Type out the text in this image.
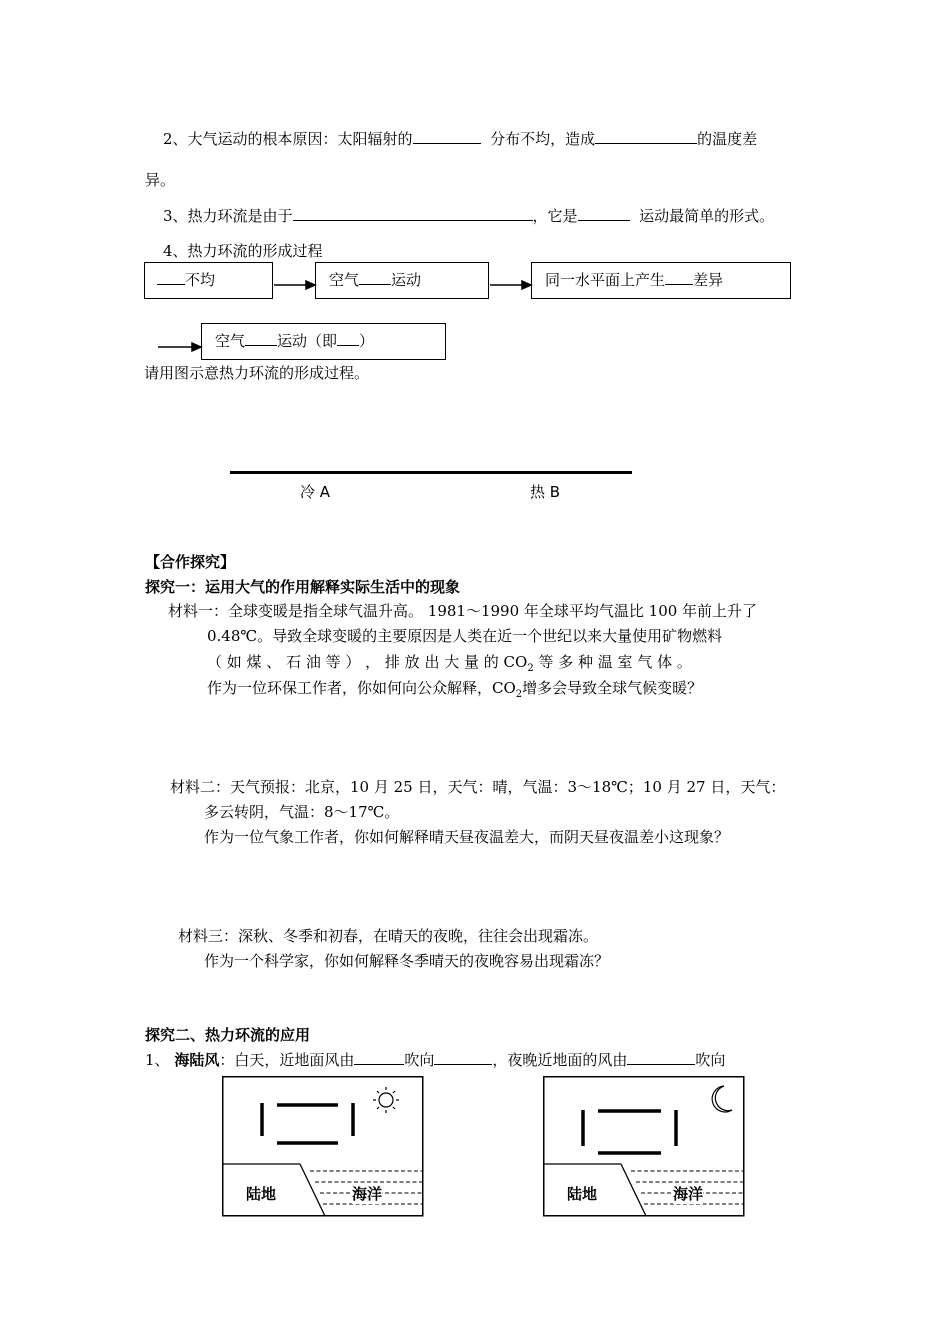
2、大气运动的根本原因：太阳辐射的	分布不均，造成	的温度差
异。
3、热力环流是由于	，它是	运动最简单的形式。
4、热力环流的形成过程
不均	空气 运动	同一水平面上产生 差异
空气 运动（即 ）
请用图示意热力环流的形成过程。
冷 A	热 B
【合作探究】
探究一：运用大气的作用解释实际生活中的现象
材料一：全球变暖是指全球气温升高。 1981～1990 年全球平均气温比 100 年前上升了
0.48℃。导致全球变暖的主要原因是人类在近一个世纪以来大量使用矿物燃料
（ 如 煤 、 石 油 等 ） ， 排 放 出 大 量 的 $CO_2$ 等 多 种 温 室 气 体 。
作为一位环保工作者，你如何向公众解释，$CO_2$增多会导致全球气候变暖？
材料二：天气预报：北京，10 月 25 日，天气：晴，气温：3～18℃；10 月 27 日，天气：
多云转阴，气温：8～17℃。
作为一位气象工作者，你如何解释晴天昼夜温差大，而阴天昼夜温差小这现象？
材料三：深秋、冬季和初春，在晴天的夜晚，往往会出现霜冻。
作为一个科学家，你如何解释冬季晴天的夜晚容易出现霜冻？
探究二、热力环流的应用
1、 海陆风：白天，近地面风由	吹向	，夜晚近地面的风由	吹向
陆地	海洋	陆地	海洋
